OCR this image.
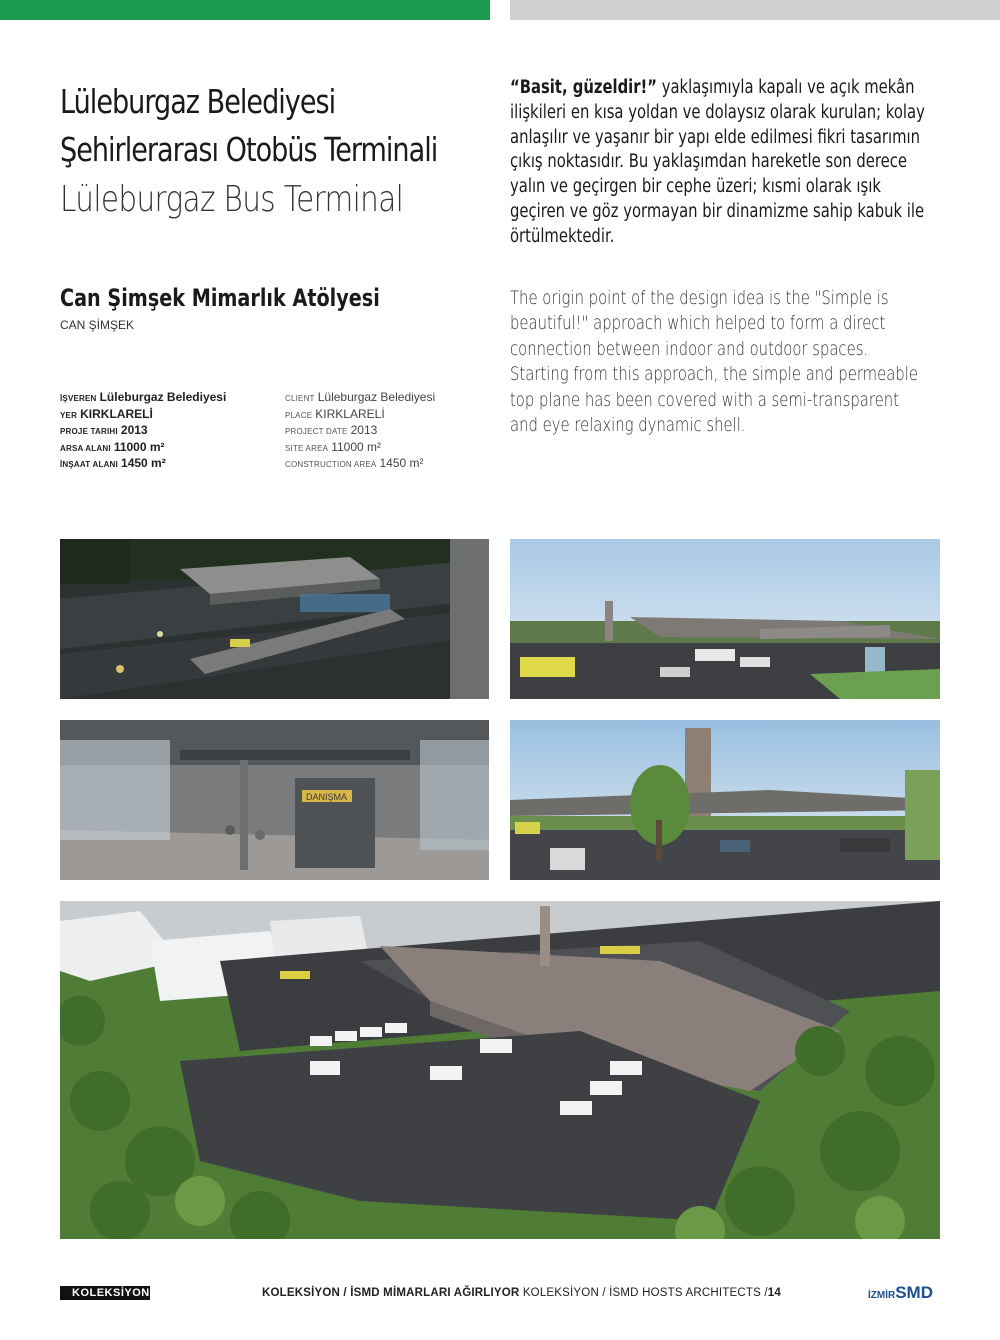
Lüleburgaz Belediyesi
Şehirlerarası Otobüs Terminali
Lüleburgaz Bus Terminal
Can Şimşek Mimarlık Atölyesi
CAN ŞİMŞEK
İŞVEREN Lüleburgaz Belediyesi
YER KIRKLARELİ
PROJE TARIHI 2013
ARSA ALANI 11000 m²
İNŞAAT ALANI 1450 m²
CLIENT Lüleburgaz Belediyesi
PLACE KIRKLARELİ
PROJECT DATE 2013
SITE AREA 11000 m²
CONSTRUCTION AREA 1450 m²
“Basit, güzeldir!” yaklaşımıyla kapalı ve açık mekân ilişkileri en kısa yoldan ve dolaysız olarak kurulan; kolay anlaşılır ve yaşanır bir yapı elde edilmesi fikri tasarımın çıkış noktasıdır. Bu yaklaşımdan hareketle son derece yalın ve geçirgen bir cephe üzeri; kısmi olarak ışık geçiren ve göz yormayan bir dinamizme sahip kabuk ile örtülmektedir.
The origin point of the design idea is the "Simple is beautiful!" approach which helped to form a direct connection between indoor and outdoor spaces. Starting from this approach, the simple and permeable top plane has been covered with a semi-transparent and eye relaxing dynamic shell.
DANIŞMA
KOLEKSİYON	KOLEKSİYON / İSMD MİMARLARI AĞIRLIYOR KOLEKSİYON / İSMD HOSTS ARCHITECTS /14	İZMİRSMD
